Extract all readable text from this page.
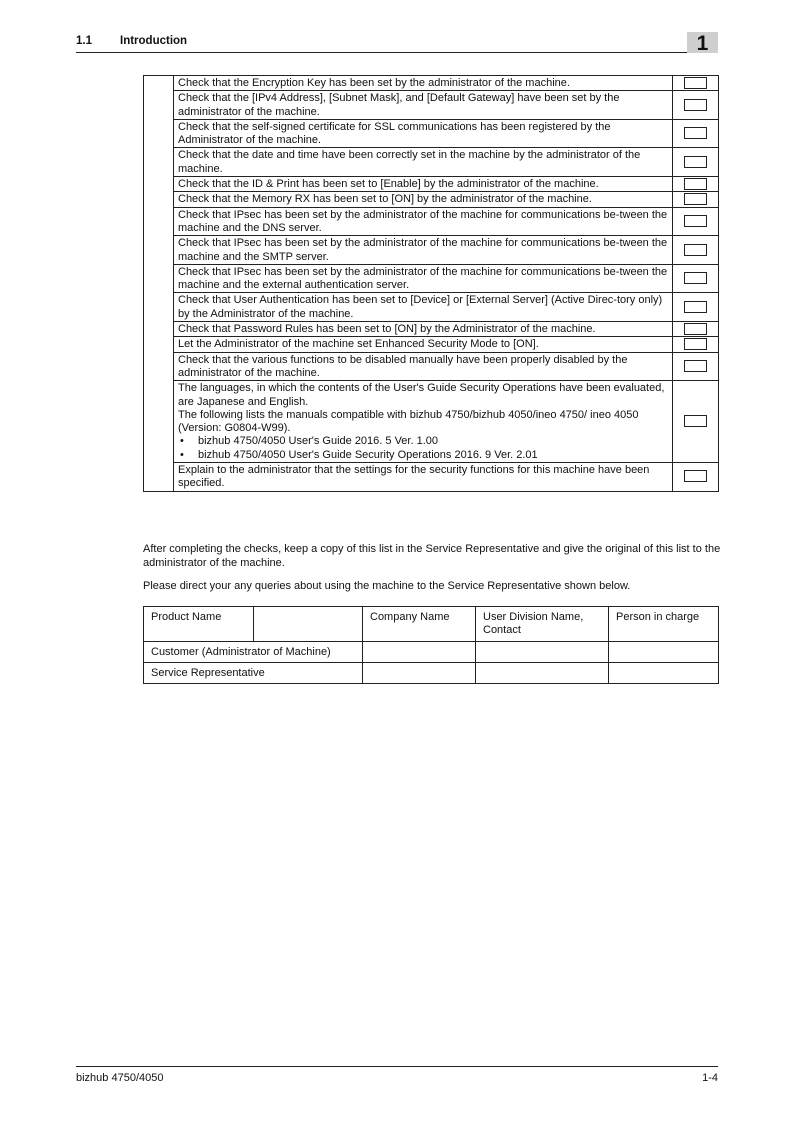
1.1 Introduction	1

	Check that the Encryption Key has been set by the administrator of the machine.	

	Check that the [IPv4 Address], [Subnet Mask], and [Default Gateway] have been set by the administrator of the machine.	

	Check that the self-signed certificate for SSL communications has been registered by the Administrator of the machine.	

	Check that the date and time have been correctly set in the machine by the administrator of the machine.	

	Check that the ID & Print has been set to [Enable] by the administrator of the machine.	

	Check that the Memory RX has been set to [ON] by the administrator of the machine.	

	Check that IPsec has been set by the administrator of the machine for communications be-tween the machine and the DNS server.	

	Check that IPsec has been set by the administrator of the machine for communications be-tween the machine and the SMTP server.	

	Check that IPsec has been set by the administrator of the machine for communications be-tween the machine and the external authentication server.	

	Check that User Authentication has been set to [Device] or [External Server] (Active Direc-tory only) by the Administrator of the machine.	

	Check that Password Rules has been set to [ON] by the Administrator of the machine.	

	Let the Administrator of the machine set Enhanced Security Mode to [ON].	

	Check that the various functions to be disabled manually have been properly disabled by the administrator of the machine.	

	The languages, in which the contents of the User's Guide Security Operations have been evaluated, are Japanese and English.
The following lists the manuals compatible with bizhub 4750/bizhub 4050/ineo 4750/ ineo 4050 (Version: G0804-W99).
• bizhub 4750/4050 User's Guide 2016. 5 Ver. 1.00
• bizhub 4750/4050 User's Guide Security Operations 2016. 9 Ver. 2.01

	Explain to the administrator that the settings for the security functions for this machine have been specified.	

After completing the checks, keep a copy of this list in the Service Representative and give the original of this list to the administrator of the machine.
Please direct your any queries about using the machine to the Service Representative shown below.
Product Name		Company Name	User Division Name, Contact	Person in charge
Customer (Administrator of Machine)				
Service Representative				
bizhub 4750/4050	1-4
